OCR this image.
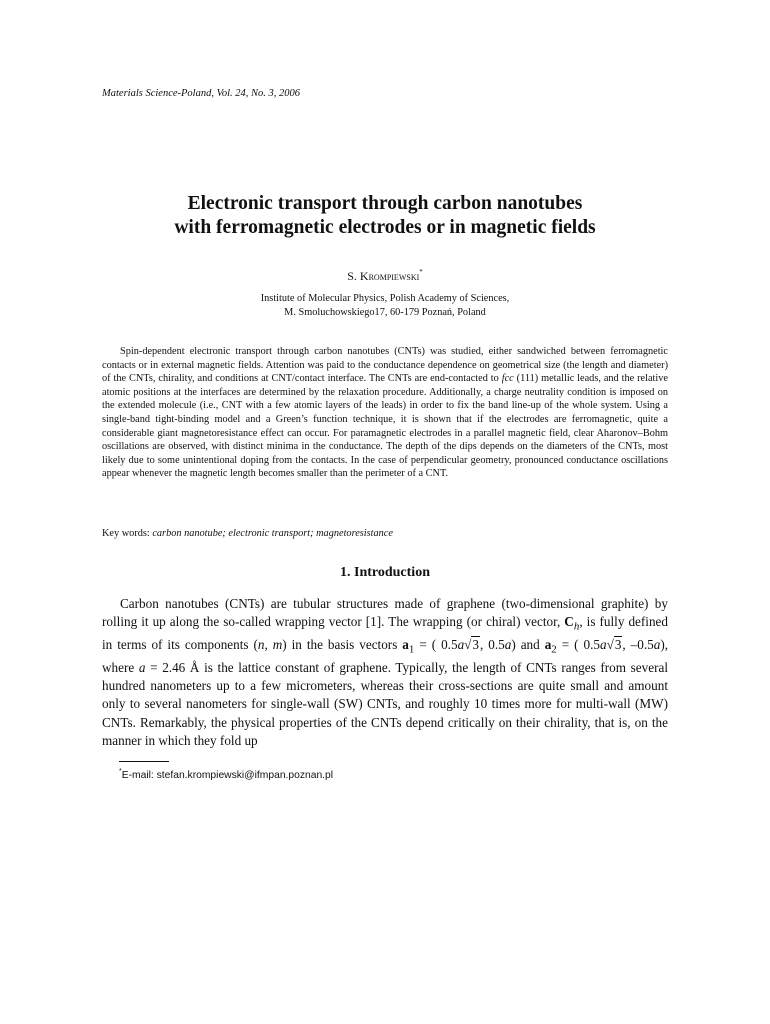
Materials Science-Poland, Vol. 24, No. 3, 2006
Electronic transport through carbon nanotubes
with ferromagnetic electrodes or in magnetic fields
S. Krompiewski*
Institute of Molecular Physics, Polish Academy of Sciences,
M. Smoluchowskiego17, 60-179 Poznań, Poland

Spin-dependent electronic transport through carbon nanotubes (CNTs) was studied, either sandwiched between ferromagnetic contacts or in external magnetic fields. Attention was paid to the conductance dependence on geometrical size (the length and diameter) of the CNTs, chirality, and conditions at CNT/contact interface. The CNTs are end-contacted to fcc (111) metallic leads, and the relative atomic positions at the interfaces are determined by the relaxation procedure. Additionally, a charge neutrality condition is imposed on the extended molecule (i.e., CNT with a few atomic layers of the leads) in order to fix the band line-up of the whole system. Using a single-band tight-binding model and a Green’s function technique, it is shown that if the electrodes are ferromagnetic, quite a considerable giant magnetoresistance effect can occur. For paramagnetic electrodes in a parallel magnetic field, clear Aharonov–Bohm oscillations are observed, with distinct minima in the conductance. The depth of the dips depends on the diameters of the CNTs, most likely due to some unintentional doping from the contacts. In the case of perpendicular geometry, pronounced conductance oscillations appear whenever the magnetic length becomes smaller than the perimeter of a CNT.

Key words: carbon nanotube; electronic transport; magnetoresistance
1. Introduction

Carbon nanotubes (CNTs) are tubular structures made of graphene (two-dimensional graphite) by rolling it up along the so-called wrapping vector [1]. The wrapping (or chiral) vector, $C_h$, is fully defined in terms of its components (n, m) in the basis vectors $a_1$ = ( 0.5a√3, 0.5a) and $a_2$ = ( 0.5a√3, –0.5a), where a = 2.46 Å is the lattice constant of graphene. Typically, the length of CNTs ranges from several hundred nanometers up to a few micrometers, whereas their cross-sections are quite small and amount only to several nanometers for single-wall (SW) CNTs, and roughly 10 times more for multi-wall (MW) CNTs. Remarkably, the physical properties of the CNTs depend critically on their chirality, that is, on the manner in which they fold up

*E-mail: stefan.krompiewski@ifmpan.poznan.pl
